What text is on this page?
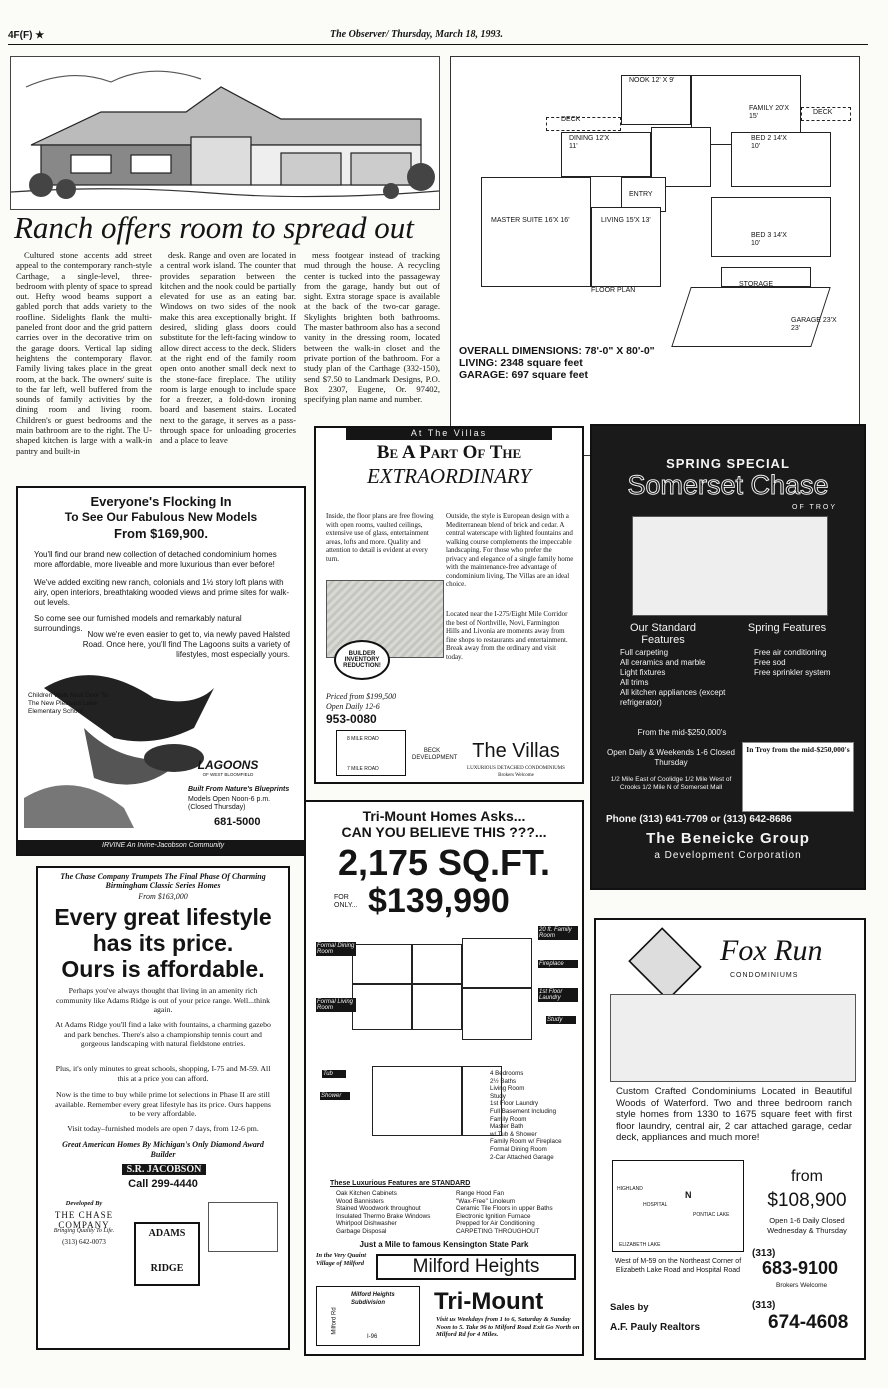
4F(F) ★	The Observer/ Thursday, March 18, 1993.
Ranch offers room to spread out

Cultured stone accents add street appeal to the contemporary ranch-style Carthage, a single-level, three-bedroom with plenty of space to spread out. Hefty wood beams support a gabled porch that adds variety to the roofline. Sidelights flank the multi-paneled front door and the grid pattern carries over in the decorative trim on the garage doors. Vertical lap siding heightens the contemporary flavor. Family living takes place in the great room, at the back. The owners' suite is to the far left, well buffered from the sounds of family activities by the dining room and living room. Children's or guest bedrooms and the main bathroom are to the right. The U-shaped kitchen is large with a walk-in pantry and built-in

desk. Range and oven are located in a central work island. The counter that provides separation between the kitchen and the nook could be partially elevated for use as an eating bar. Windows on two sides of the nook make this area exceptionally bright. If desired, sliding glass doors could substitute for the left-facing window to allow direct access to the deck. Sliders at the right end of the family room open onto another small deck next to the stone-face fireplace. The utility room is large enough to include space for a freezer, a fold-down ironing board and basement stairs. Located next to the garage, it serves as a pass-through space for unloading groceries and a place to leave

mess footgear instead of tracking mud through the house. A recycling center is tucked into the passageway from the garage, handy but out of sight. Extra storage space is available at the back of the two-car garage. Skylights brighten both bathrooms. The master bathroom also has a second vanity in the dressing room, located between the walk-in closet and the private portion of the bathroom. For a study plan of the Carthage (332-150), send $7.50 to Landmark Designs, P.O. Box 2307, Eugene, Or. 97402, specifying plan name and number.

NOOK 12' X 9'
DECK
DINING 12'X 11'
FAMILY 20'X 15'
DECK
BED 2 14'X 10'
ENTRY
MASTER SUITE 16'X 16'	LIVING 15'X 13'
BED 3 14'X 10'
STORAGE
FLOOR PLAN
GARAGE 23'X 23'
OVERALL DIMENSIONS: 78'-0" X 80'-0"
LIVING: 2348 square feet
GARAGE: 697 square feet
At The Villas
Be A Part Of The
EXTRAORDINARY
Inside, the floor plans are free flowing with open rooms, vaulted ceilings, extensive use of glass, entertainment areas, lofts and more. Quality and attention to detail is evident at every turn.
BUILDER INVENTORY REDUCTION!
Outside, the style is European design with a Mediterranean blend of brick and cedar. A central waterscape with lighted fountains and walking course complements the impeccable landscaping. For those who prefer the privacy and elegance of a single family home with the maintenance-free advantage of condominium living, The Villas are an ideal choice.
Located near the I-275/Eight Mile Corridor the best of Northville, Novi, Farmington Hills and Livonia are moments away from fine shops to restaurants and entertainment. Break away from the ordinary and visit today.
Priced from $199,500
Open Daily 12-6
953-0080
8 MILE ROAD
7 MILE ROAD
BECK DEVELOPMENT The Villas
LUXURIOUS DETACHED CONDOMINIUMS
Brokers Welcome
SPRING SPECIAL
Somerset Chase
OF TROY
Our Standard Features
Full carpeting
All ceramics and marble
Light fixtures
All trims
All kitchen appliances (except refrigerator)
Spring Features
Free air conditioning
Free sod
Free sprinkler system
From the mid-$250,000's
Open Daily & Weekends 1-6 Closed Thursday
1/2 Mile East of Coolidge 1/2 Mile West of Crooks 1/2 Mile N of Somerset Mall
In Troy from the mid-$250,000's
Phone (313) 641-7709 or (313) 642-8686
The Beneicke Group
a Development Corporation
Everyone's Flocking In
To See Our Fabulous New Models
From $169,900.
You'll find our brand new collection of detached condominium homes more affordable, more liveable and more luxurious than ever before!
We've added exciting new ranch, colonials and 1½ story loft plans with airy, open interiors, breathtaking wooded views and prime sites for walk-out levels.
So come see our furnished models and remarkably natural surroundings.
Now we're even easier to get to, via newly paved Halsted Road. Once here, you'll find The Lagoons suits a variety of lifestyles, most especially yours.
Children Walk Next Door To The New Pleasant Lake Elementary School.
LAGOONS
OF WEST BLOOMFIELD
Built From Nature's Blueprints
Models Open Noon-6 p.m. (Closed Thursday)
681-5000
IRVINE An Irvine-Jacobson Community
The Chase Company Trumpets The Final Phase Of Charming Birmingham Classic Series Homes
From $163,000
Every great lifestyle
has its price.
Ours is affordable.
Perhaps you've always thought that living in an amenity rich community like Adams Ridge is out of your price range. Well...think again.
At Adams Ridge you'll find a lake with fountains, a charming gazebo and park benches. There's also a championship tennis court and gorgeous landscaping with natural fieldstone entries.
Plus, it's only minutes to great schools, shopping, I-75 and M-59. All this at a price you can afford.
Now is the time to buy while prime lot selections in Phase II are still available. Remember every great lifestyle has its price. Ours happens to be very affordable.
Visit today–furnished models are open 7 days, from 12-6 pm.
Great American Homes By Michigan's Only Diamond Award Builder
S.R. JACOBSON
Call 299-4440
Developed By
THE CHASE COMPANY
Bringing Quality To Life.
(313) 642-0073
ADAMS
RIDGE
Tri-Mount Homes Asks...
CAN YOU BELIEVE THIS ???...
2,175 SQ.FT.
FOR ONLY... $139,990
Formal Dining Room
20 ft. Family Room
Fireplace
1st Floor Laundry
Formal Living Room
Study
Tub
Shower
4 Bedrooms
2½ Baths
Living Room
Study
1st Floor Laundry
Full Basement Including
Family Room
Master Bath
w/ Tub & Shower
Family Room w/ Fireplace
Formal Dining Room
2-Car Attached Garage
These Luxurious Features are STANDARD
Oak Kitchen Cabinets
Wood Bannisters
Stained Woodwork throughout
Insulated Thermo Brake Windows
Whirlpool Dishwasher
Garbage Disposal
Range Hood Fan
"Wax-Free" Linoleum
Ceramic Tile Floors in upper Baths
Electronic Ignition Furnace
Prepped for Air Conditioning
CARPETING THROUGHOUT
Just a Mile to famous Kensington State Park
In the Very Quaint Village of Milford	Milford Heights
Milford Heights Subdivision
Milford Rd
I-96
Tri-Mount
Visit us Weekdays from 1 to 6, Saturday & Sunday Noon to 5. Take 96 to Milford Road Exit Go North on Milford Rd for 4 Miles.
Fox Run
CONDOMINIUMS
Custom Crafted Condominiums Located in Beautiful Woods of Waterford. Two and three bedroom ranch style homes from 1330 to 1675 square feet with first floor laundry, central air, 2 car attached garage, cedar deck, appliances and much more!
ELIZABETH LAKE
HOSPITAL
PONTIAC LAKE
HIGHLAND
N
from
$108,900
Open 1-6 Daily Closed Wednesday & Thursday
(313)
683-9100
Brokers Welcome
West of M-59 on the Northeast Corner of Elizabeth Lake Road and Hospital Road
Sales by
A.F. Pauly Realtors
(313)
674-4608
